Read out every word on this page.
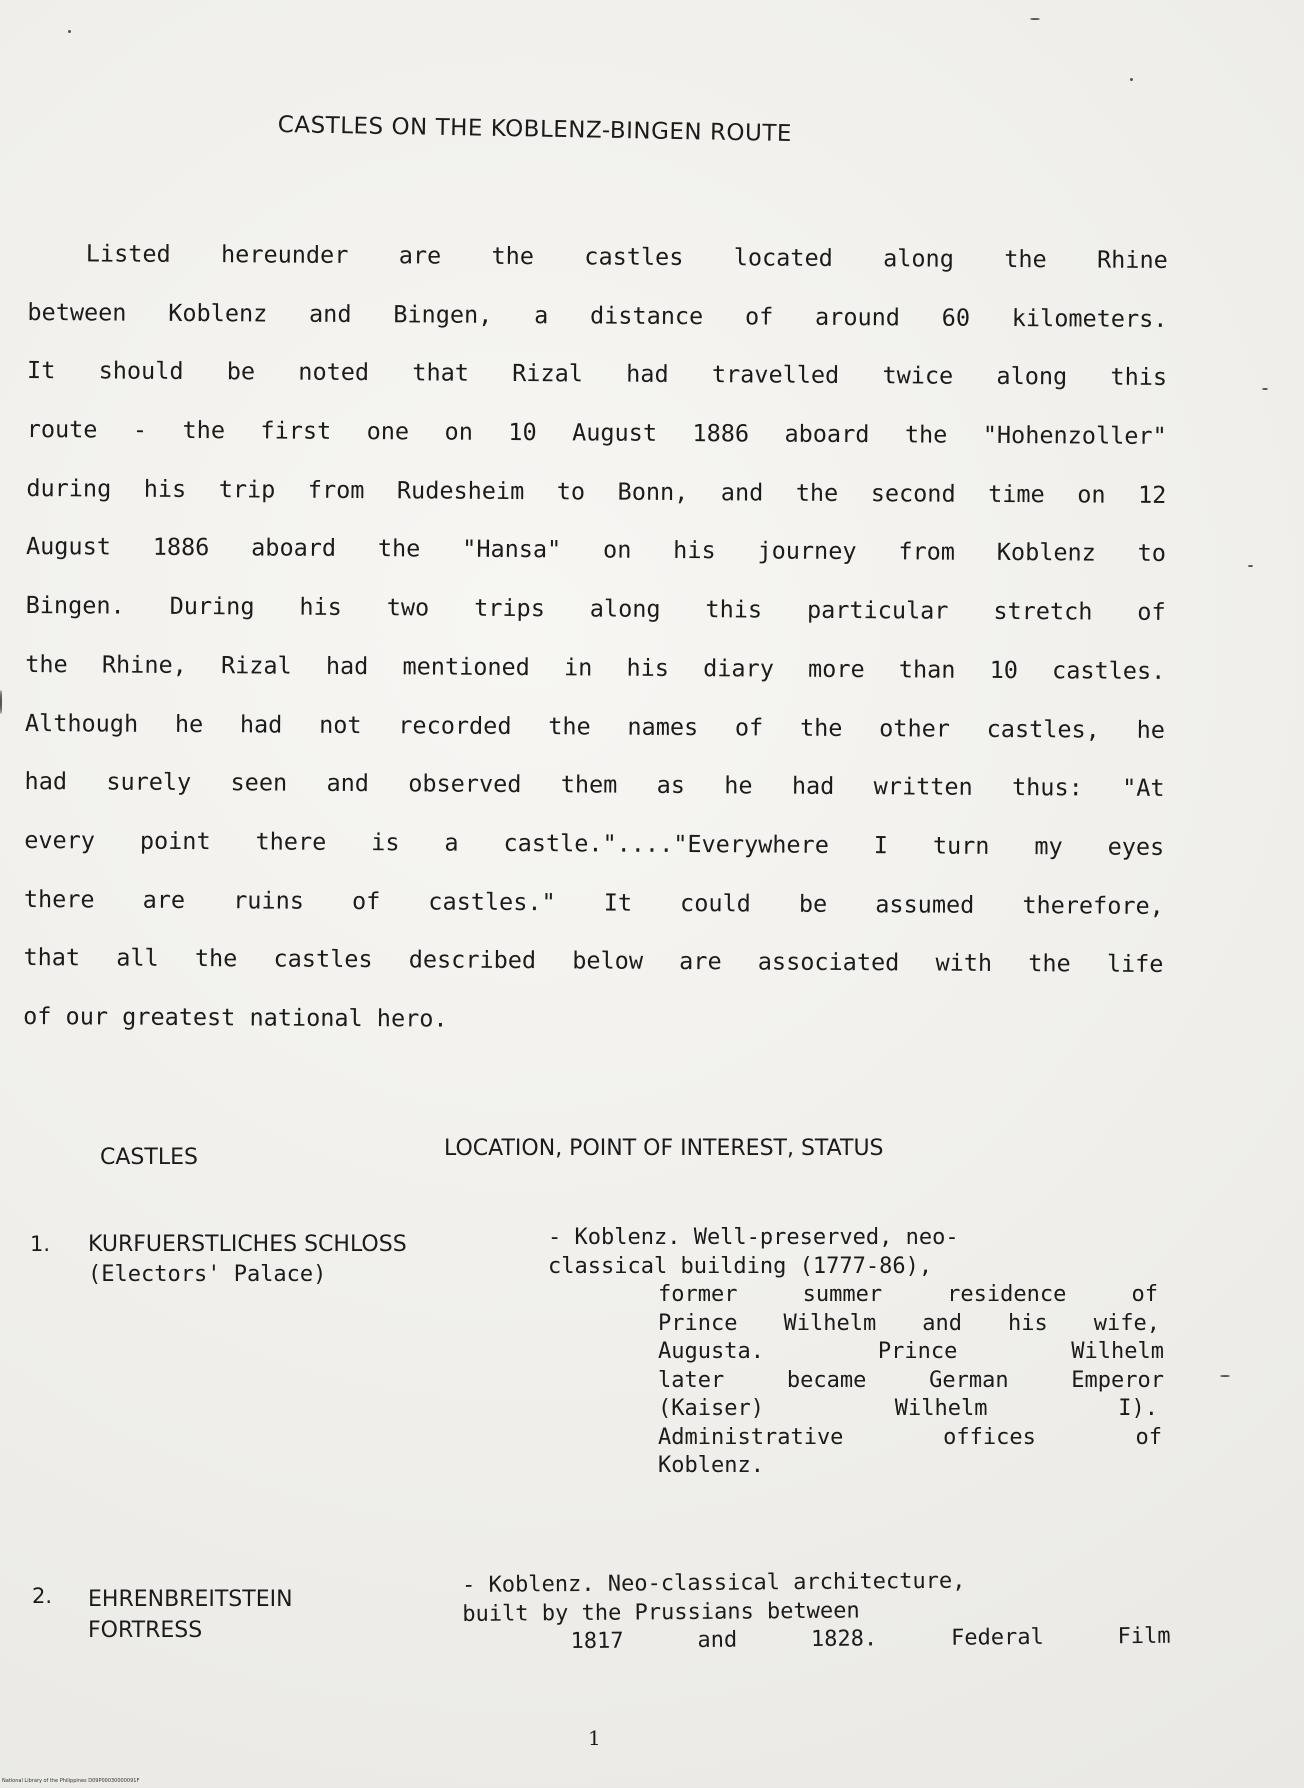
CASTLES ON THE KOBLENZ-BINGEN ROUTE
Listed hereunder are the castles located along the Rhine
between Koblenz and Bingen, a distance of around 60 kilometers.
It should be noted that Rizal had travelled twice along this
route - the first one on 10 August 1886 aboard the "Hohenzoller"
during his trip from Rudesheim to Bonn, and the second time on 12
August 1886 aboard the "Hansa" on his journey from Koblenz to
Bingen. During his two trips along this particular stretch of
the Rhine, Rizal had mentioned in his diary more than 10 castles.
Although he had not recorded the names of the other castles, he
had surely seen and observed them as he had written thus: "At
every point there is a castle."...."Everywhere I turn my eyes
there are ruins of castles." It could be assumed therefore,
that all the castles described below are associated with the life
of our greatest national hero.
CASTLES	LOCATION, POINT OF INTEREST, STATUS
1. KURFUERSTLICHES SCHLOSS
(Electors' Palace)
- Koblenz. Well-preserved, neo-
classical building (1777-86),
former summer residence of
Prince Wilhelm and his wife,
Augusta. Prince Wilhelm
later became German Emperor
(Kaiser) Wilhelm I).
Administrative offices of
Koblenz.
2. EHRENBREITSTEIN
FORTRESS
- Koblenz. Neo-classical architecture,
built by the Prussians between
1817 and 1828. Federal Film
1
National Library of the Philippines D09P00030000091F
